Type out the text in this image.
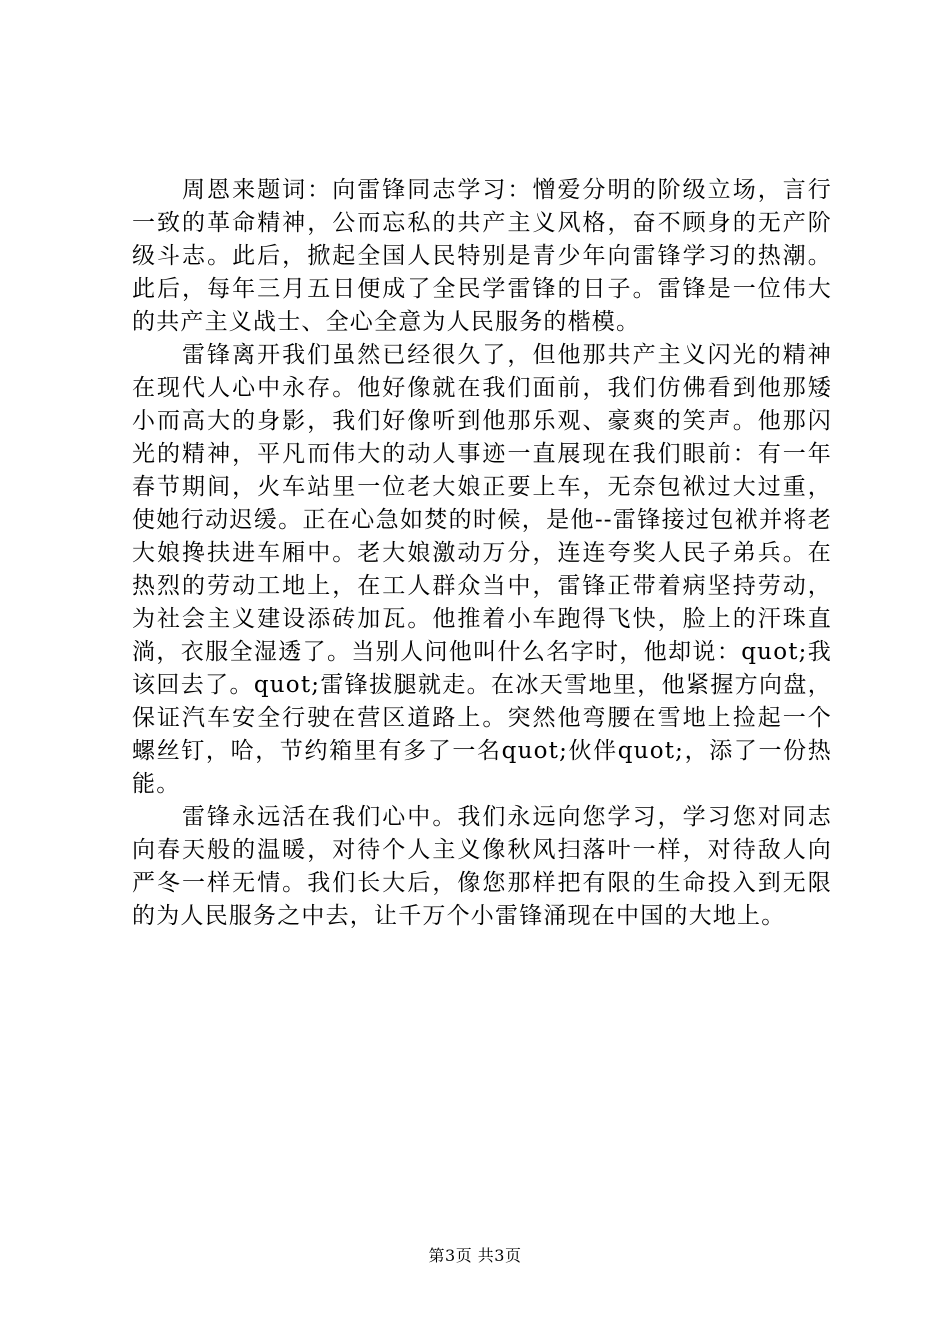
周恩来题词：向雷锋同志学习：憎爱分明的阶级立场，言行一致的革命精神，公而忘私的共产主义风格，奋不顾身的无产阶级斗志。此后，掀起全国人民特别是青少年向雷锋学习的热潮。此后，每年三月五日便成了全民学雷锋的日子。雷锋是一位伟大的共产主义战士、全心全意为人民服务的楷模。

雷锋离开我们虽然已经很久了，但他那共产主义闪光的精神在现代人心中永存。他好像就在我们面前，我们仿佛看到他那矮小而高大的身影，我们好像听到他那乐观、豪爽的笑声。他那闪光的精神，平凡而伟大的动人事迹一直展现在我们眼前：有一年春节期间，火车站里一位老大娘正要上车，无奈包袱过大过重，使她行动迟缓。正在心急如焚的时候，是他--雷锋接过包袱并将老大娘搀扶进车厢中。老大娘激动万分，连连夸奖人民子弟兵。在热烈的劳动工地上，在工人群众当中，雷锋正带着病坚持劳动，为社会主义建设添砖加瓦。他推着小车跑得飞快，脸上的汗珠直淌，衣服全湿透了。当别人问他叫什么名字时，他却说：quot;我该回去了。quot;雷锋拔腿就走。在冰天雪地里，他紧握方向盘，保证汽车安全行驶在营区道路上。突然他弯腰在雪地上捡起一个螺丝钉，哈，节约箱里有多了一名quot;伙伴quot;，添了一份热能。

雷锋永远活在我们心中。我们永远向您学习，学习您对同志向春天般的温暖，对待个人主义像秋风扫落叶一样，对待敌人向严冬一样无情。我们长大后，像您那样把有限的生命投入到无限的为人民服务之中去，让千万个小雷锋涌现在中国的大地上。

第3页 共3页
